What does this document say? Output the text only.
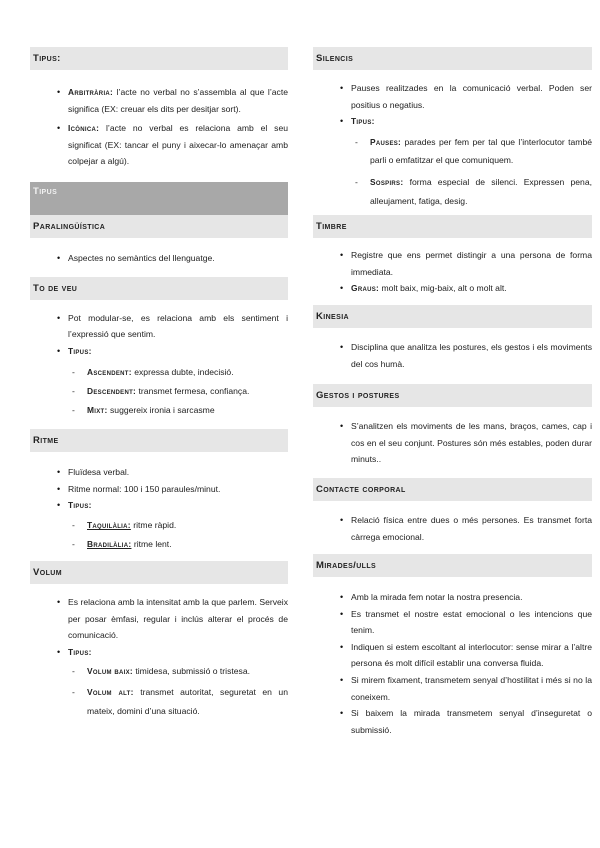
Tipus:
• Arbitrària: l’acte no verbal no s’assembla al que l’acte significa (EX: creuar els dits per desitjar sort).
• Icònica: l’acte no verbal es relaciona amb el seu significat (EX: tancar el puny i aixecar-lo amenaçar amb colpejar a algú).
Tipus
Paralingüística
• Aspectes no semàntics del llenguatge.
To de veu
• Pot modular-se, es relaciona amb els sentiment i l’expressió que sentim.
• Tipus:
- Ascendent: expressa dubte, indecisió.
- Descendent: transmet fermesa, confiança.
- Mixt: suggereix ironia i sarcasme
Ritme
• Fluïdesa verbal.
• Ritme normal: 100 i 150 paraules/minut.
• Tipus:
- Taquilàlia: ritme ràpid.
- Bradilàlia: ritme lent.
Volum
• Es relaciona amb la intensitat amb la que parlem. Serveix per posar èmfasi, regular i inclús alterar el procés de comunicació.
• Tipus:
- Volum baix: timidesa, submissió o tristesa.
- Volum alt: transmet autoritat, seguretat en un mateix, domini d’una situació.
Silencis
• Pauses realitzades en la comunicació verbal. Poden ser positius o negatius.
• Tipus:
- Pauses: parades per fem per tal que l’interlocutor també parli o emfatitzar el que comuniquem.
- Sospirs: forma especial de silenci. Expressen pena, alleujament, fatiga, desig.
Timbre
• Registre que ens permet distingir a una persona de forma immediata.
• Graus: molt baix, mig-baix, alt o molt alt.
Kinesia
• Disciplina que analitza les postures, els gestos i els moviments del cos humà.
Gestos i postures
• S’analitzen els moviments de les mans, braços, cames, cap i cos en el seu conjunt. Postures són més estables, poden durar minuts..
Contacte corporal
• Relació física entre dues o més persones. Es transmet forta càrrega emocional.
Mirades/ulls
• Amb la mirada fem notar la nostra presencia.
• Es transmet el nostre estat emocional o les intencions que tenim.
• Indiquen si estem escoltant al interlocutor: sense mirar a l’altre persona és molt difícil establir una conversa fluida.
• Si mirem fixament, transmetem senyal d’hostilitat i més si no la coneixem.
• Si baixem la mirada transmetem senyal d’inseguretat o submissió.
